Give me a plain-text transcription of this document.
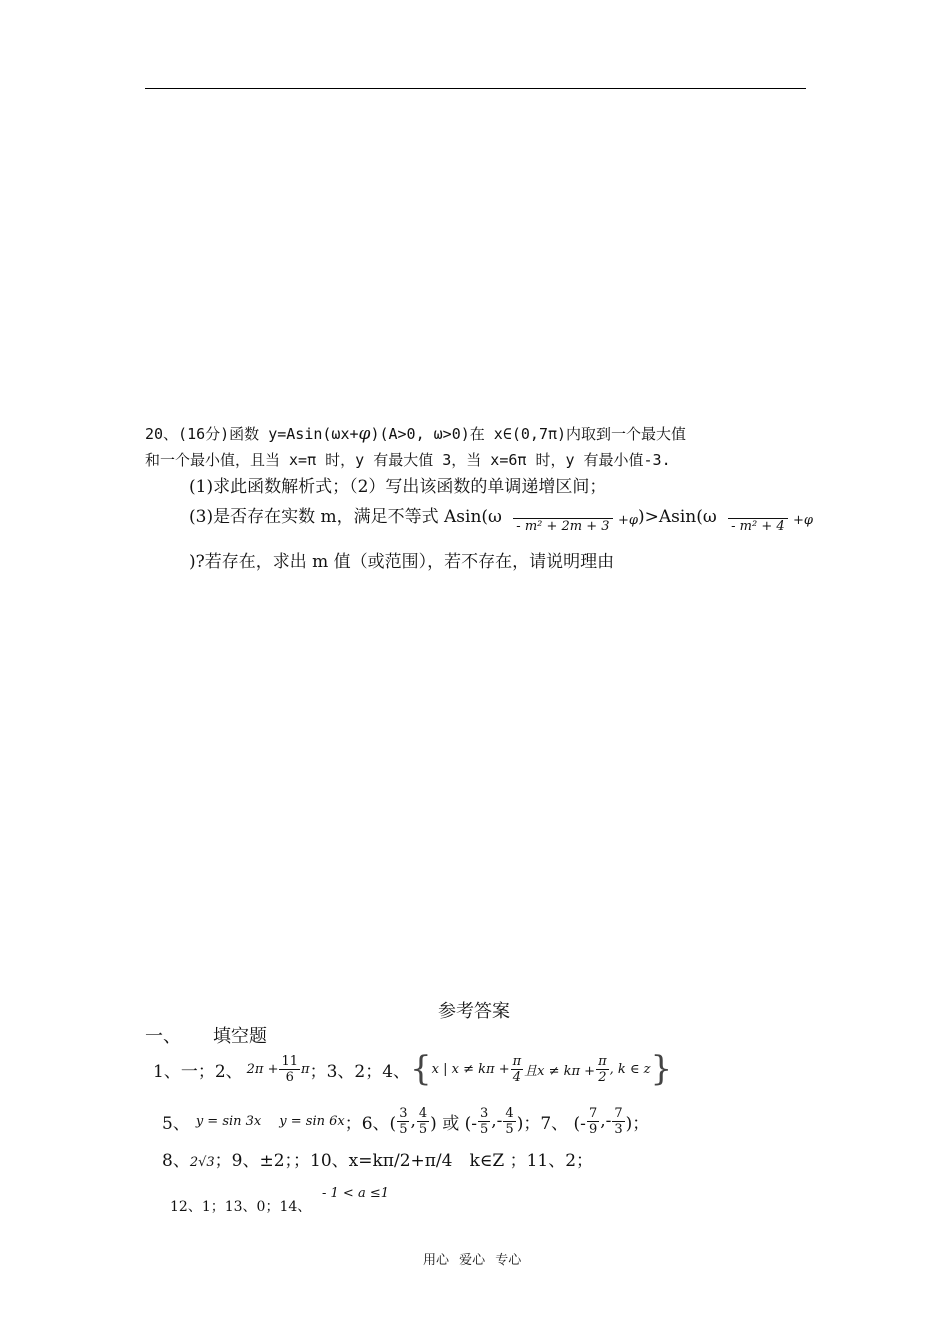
20、(16分)函数 y=Asin(ωx+φ)(A>0, ω>0)在 x∈(0,7π)内取到一个最大值
和一个最小值，且当 x=π 时，y 有最大值 3，当 x=6π 时，y 有最小值-3.
(1)求此函数解析式；（2）写出该函数的单调递增区间；
(3)是否存在实数 m，满足不等式 Asin(ω - m² + 2m + 3 +φ)>Asin(ω - m² + 4 +φ
)?若存在，求出 m 值（或范围），若不存在，请说明理由
参考答案
一、 填空题
1、一；2、 $2\pi + \frac{11}{6}$ π ；3、2；4、 { x | $x \ne k\pi + \frac{\pi}{4}$ 且$x \ne k\pi + \frac{\pi}{2}$ , k ∈ z }
5、 y = sin 3x y = sin 6x ；6、( $\frac{3}{5}$ , $\frac{4}{5}$ ) 或 (- $\frac{3}{5}$ ,- $\frac{4}{5}$ )；7、 (- $\frac{7}{9}$ ,- $\frac{7}{3}$ )；
8、2√3；9、±2；；10、x=kπ/2+π/4　k∈Z ；11、2；
12、1；13、0；14、
- 1 < a ≤1
用心 爱心 专心
